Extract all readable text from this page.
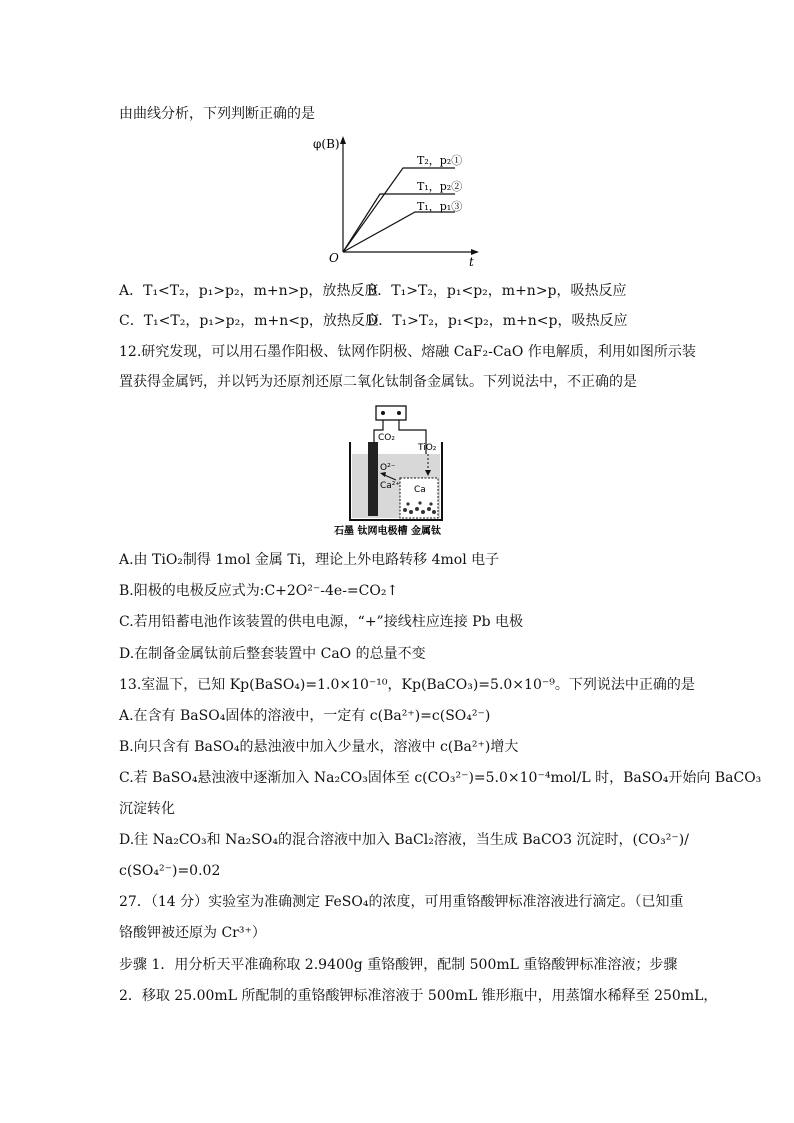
由曲线分析，下列判断正确的是
φ(B)
O	t
T₂，p₂①
T₁，p₂②
T₁，p₁③
A．T₁<T₂，p₁>p₂，m+n>p，放热反应
B．T₁>T₂，p₁<p₂，m+n>p，吸热反应
C．T₁<T₂，p₁>p₂，m+n<p，放热反应
D．T₁>T₂，p₁<p₂，m+n<p，吸热反应
12.研究发现，可以用石墨作阳极、钛网作阴极、熔融 CaF₂-CaO 作电解质，利用如图所示装
置获得金属钙，并以钙为还原剂还原二氧化钛制备金属钛。下列说法中，不正确的是
CO₂
TiO₂
O²⁻
Ca²⁺ Ca
石墨 钛网电极槽 金属钛
A.由 TiO₂制得 1mol 金属 Ti，理论上外电路转移 4mol 电子
B.阳极的电极反应式为:C+2O²⁻-4e-=CO₂↑
C.若用铅蓄电池作该装置的供电电源，“+”接线柱应连接 Pb 电极
D.在制备金属钛前后整套装置中 CaO 的总量不变
13.室温下，已知 Kp(BaSO₄)=1.0×10⁻¹⁰，Kp(BaCO₃)=5.0×10⁻⁹。下列说法中正确的是
A.在含有 BaSO₄固体的溶液中，一定有 c(Ba²⁺)=c(SO₄²⁻)
B.向只含有 BaSO₄的悬浊液中加入少量水，溶液中 c(Ba²⁺)增大
C.若 BaSO₄悬浊液中逐渐加入 Na₂CO₃固体至 c(CO₃²⁻)=5.0×10⁻⁴mol/L 时，BaSO₄开始向 BaCO₃
沉淀转化
D.往 Na₂CO₃和 Na₂SO₄的混合溶液中加入 BaCl₂溶液，当生成 BaCO3 沉淀时，(CO₃²⁻)/
c(SO₄²⁻)=0.02
27．（14 分）实验室为准确测定 FeSO₄的浓度，可用重铬酸钾标准溶液进行滴定。（已知重
铬酸钾被还原为 Cr³⁺）
步骤 1．用分析天平准确称取 2.9400g 重铬酸钾，配制 500mL 重铬酸钾标准溶液；步骤
2．移取 25.00mL 所配制的重铬酸钾标准溶液于 500mL 锥形瓶中，用蒸馏水稀释至 250mL，
